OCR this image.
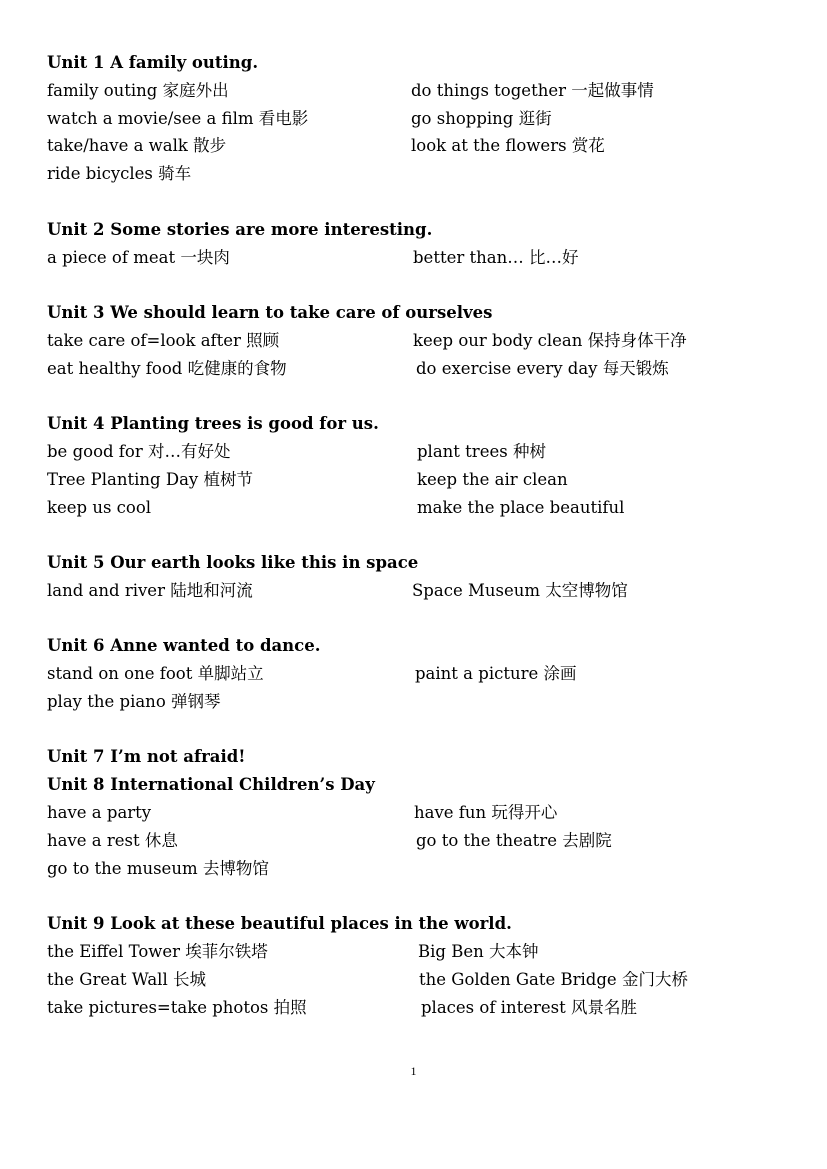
Unit 1 A family outing.
family outing 家庭外出	do things together 一起做事情
watch a movie/see a film 看电影	go shopping 逛街
take/have a walk 散步	look at the flowers 赏花
ride bicycles 骑车
Unit 2 Some stories are more interesting.
a piece of meat 一块肉	better than… 比…好
Unit 3 We should learn to take care of ourselves
take care of=look after 照顾	keep our body clean 保持身体干净
eat healthy food 吃健康的食物	do exercise every day 每天锻炼
Unit 4 Planting trees is good for us.
be good for 对…有好处	plant trees 种树
Tree Planting Day 植树节	keep the air clean
keep us cool	make the place beautiful
Unit 5 Our earth looks like this in space
land and river 陆地和河流	Space Museum 太空博物馆
Unit 6 Anne wanted to dance.
stand on one foot 单脚站立	paint a picture 涂画
play the piano 弹钢琴
Unit 7 I’m not afraid!
Unit 8 International Children’s Day
have a party	have fun 玩得开心
have a rest 休息	go to the theatre 去剧院
go to the museum 去博物馆
Unit 9 Look at these beautiful places in the world.
the Eiffel Tower 埃菲尔铁塔	Big Ben 大本钟
the Great Wall 长城	the Golden Gate Bridge 金门大桥
take pictures=take photos 拍照	places of interest 风景名胜
1
